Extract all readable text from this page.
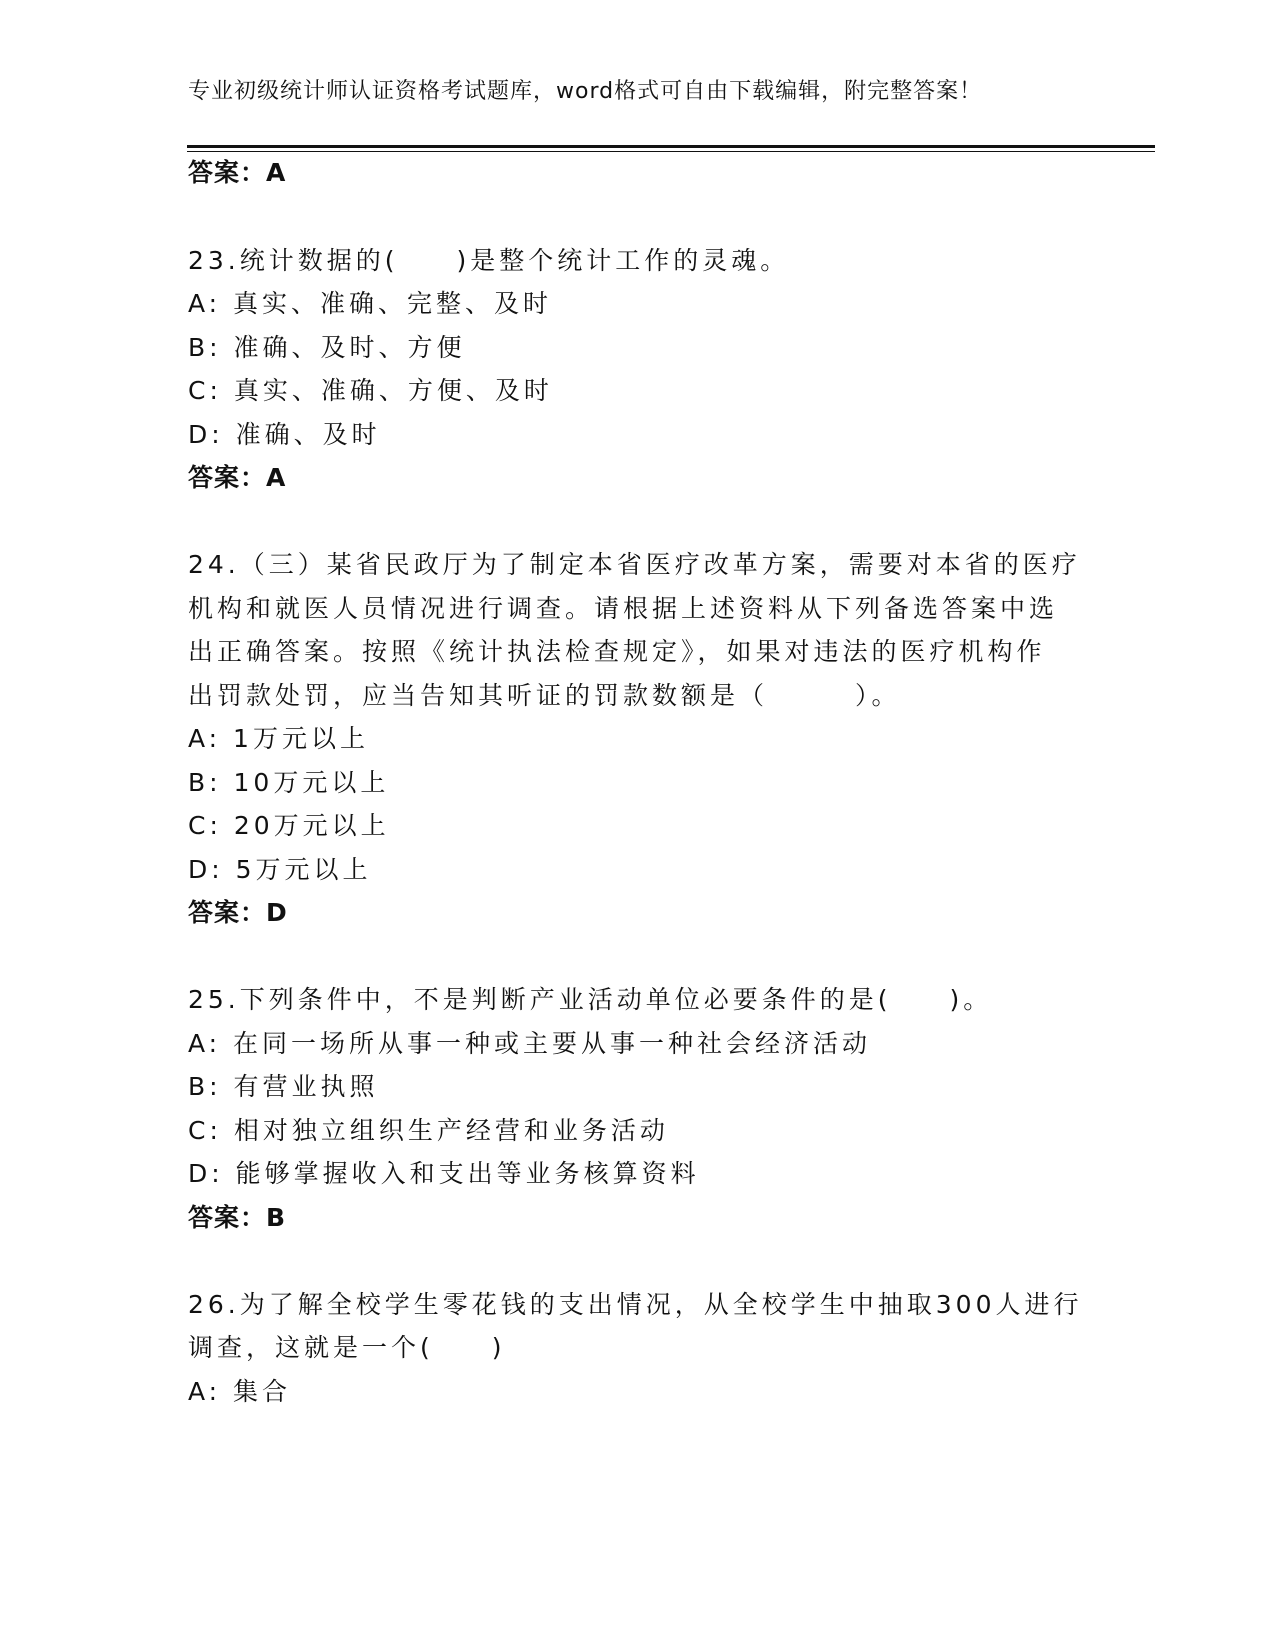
专业初级统计师认证资格考试题库，word格式可自由下载编辑，附完整答案！
答案：A
23.统计数据的(　　)是整个统计工作的灵魂。
A: 真实、准确、完整、及时
B: 准确、及时、方便
C: 真实、准确、方便、及时
D: 准确、及时
答案：A
24.（三）某省民政厅为了制定本省医疗改革方案，需要对本省的医疗
机构和就医人员情况进行调查。请根据上述资料从下列备选答案中选
出正确答案。按照《统计执法检查规定》，如果对违法的医疗机构作
出罚款处罚，应当告知其听证的罚款数额是（　　　）。
A: 1万元以上
B: 10万元以上
C: 20万元以上
D: 5万元以上
答案：D
25.下列条件中，不是判断产业活动单位必要条件的是(　　)。
A: 在同一场所从事一种或主要从事一种社会经济活动
B: 有营业执照
C: 相对独立组织生产经营和业务活动
D: 能够掌握收入和支出等业务核算资料
答案：B
26.为了解全校学生零花钱的支出情况，从全校学生中抽取300人进行
调查，这就是一个(　　)
A: 集合
